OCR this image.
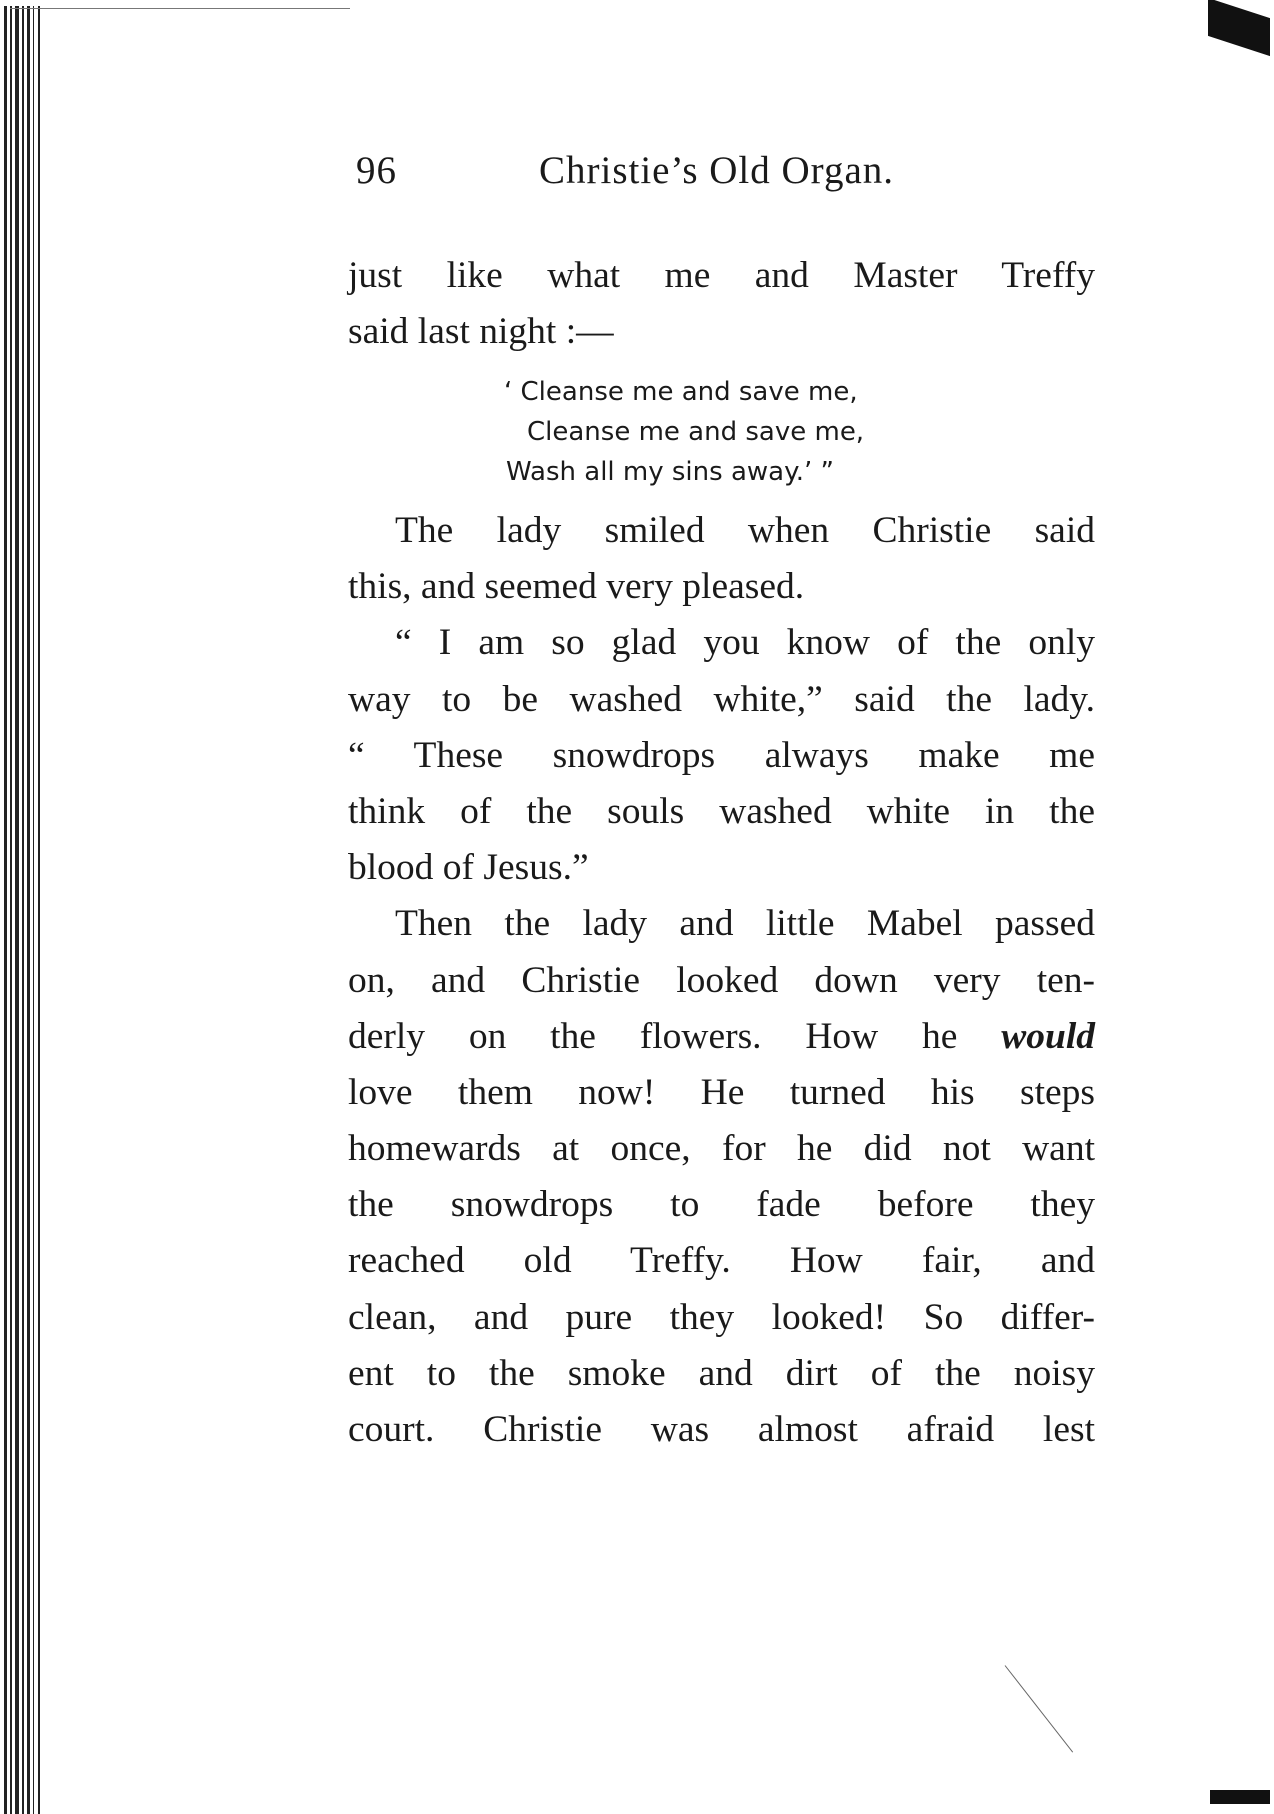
96	Christie’s Old Organ.
just like what me and Master Treffy
said last night :—
‘ Cleanse me and save me,
Cleanse me and save me,
Wash all my sins away.’ ”
The lady smiled when Christie said
this, and seemed very pleased.
“ I am so glad you know of the only
way to be washed white,” said the lady.
“ These snowdrops always make me
think of the souls washed white in the
blood of Jesus.”
Then the lady and little Mabel passed
on, and Christie looked down very ten-
derly on the flowers. How he would
love them now! He turned his steps
homewards at once, for he did not want
the snowdrops to fade before they
reached old Treffy. How fair, and
clean, and pure they looked! So differ-
ent to the smoke and dirt of the noisy
court. Christie was almost afraid lest
